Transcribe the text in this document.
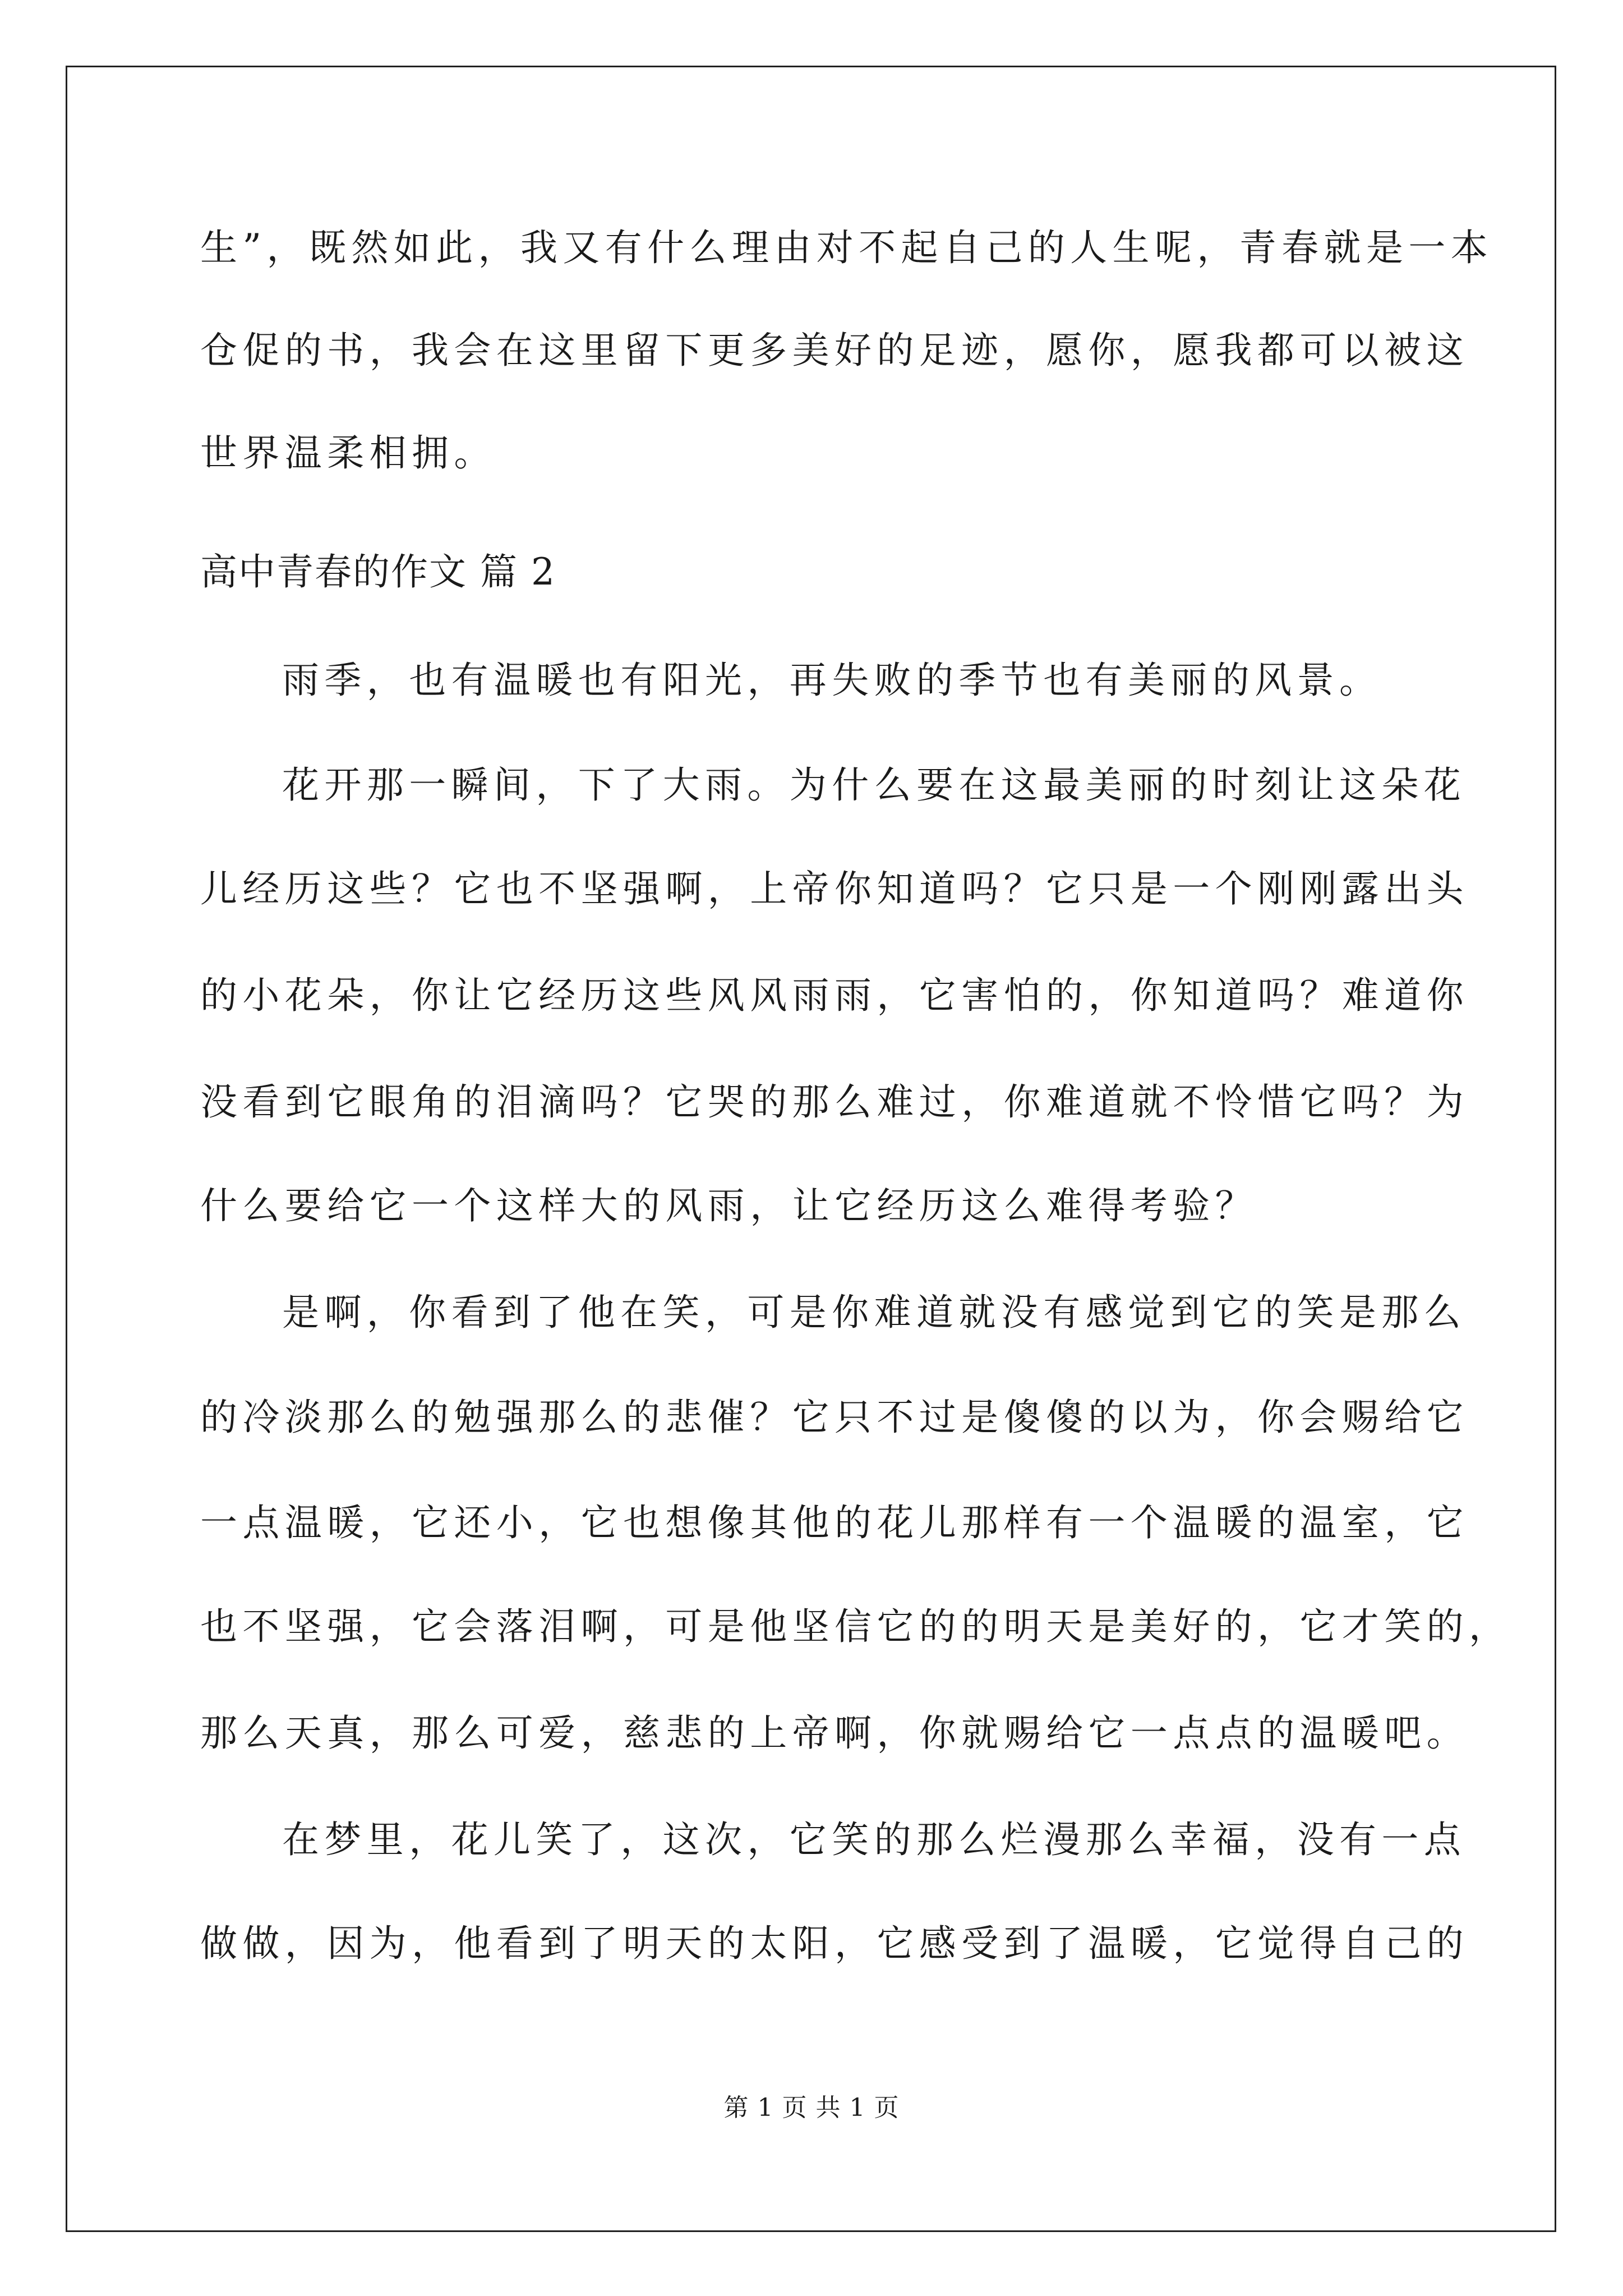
生”，既然如此，我又有什么理由对不起自己的人生呢，青春就是一本
仓促的书，我会在这里留下更多美好的足迹，愿你，愿我都可以被这
世界温柔相拥。
高中青春的作文 篇 2
雨季，也有温暖也有阳光，再失败的季节也有美丽的风景。
花开那一瞬间，下了大雨。为什么要在这最美丽的时刻让这朵花
儿经历这些？它也不坚强啊，上帝你知道吗？它只是一个刚刚露出头
的小花朵，你让它经历这些风风雨雨，它害怕的，你知道吗？难道你
没看到它眼角的泪滴吗？它哭的那么难过，你难道就不怜惜它吗？为
什么要给它一个这样大的风雨，让它经历这么难得考验？
是啊，你看到了他在笑，可是你难道就没有感觉到它的笑是那么
的冷淡那么的勉强那么的悲催？它只不过是傻傻的以为，你会赐给它
一点温暖，它还小，它也想像其他的花儿那样有一个温暖的温室，它
也不坚强，它会落泪啊，可是他坚信它的的明天是美好的，它才笑的，
那么天真，那么可爱，慈悲的上帝啊，你就赐给它一点点的温暖吧。
在梦里，花儿笑了，这次，它笑的那么烂漫那么幸福，没有一点
做做，因为，他看到了明天的太阳，它感受到了温暖，它觉得自己的
第 1 页 共 1 页
